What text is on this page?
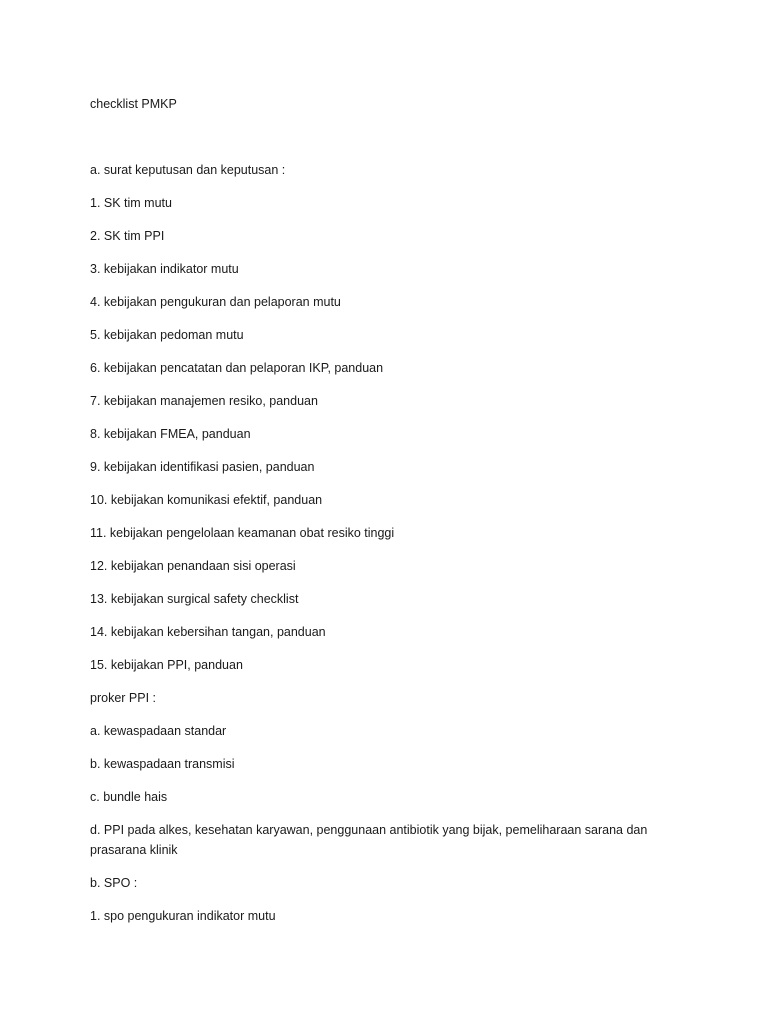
checklist PMKP

a. surat keputusan dan keputusan :

1. SK tim mutu

2. SK tim PPI

3. kebijakan indikator mutu

4. kebijakan pengukuran dan pelaporan mutu

5. kebijakan pedoman mutu

6. kebijakan pencatatan dan pelaporan IKP, panduan

7. kebijakan manajemen resiko, panduan

8. kebijakan FMEA, panduan

9. kebijakan identifikasi pasien, panduan

10. kebijakan komunikasi efektif, panduan

11. kebijakan pengelolaan keamanan obat resiko tinggi

12. kebijakan penandaan sisi operasi

13. kebijakan surgical safety checklist

14. kebijakan kebersihan tangan, panduan

15. kebijakan PPI, panduan

proker PPI :

a. kewaspadaan standar

b. kewaspadaan transmisi

c. bundle hais

d. PPI pada alkes, kesehatan karyawan, penggunaan antibiotik yang bijak, pemeliharaan sarana dan prasarana klinik

b. SPO :

1. spo pengukuran indikator mutu
